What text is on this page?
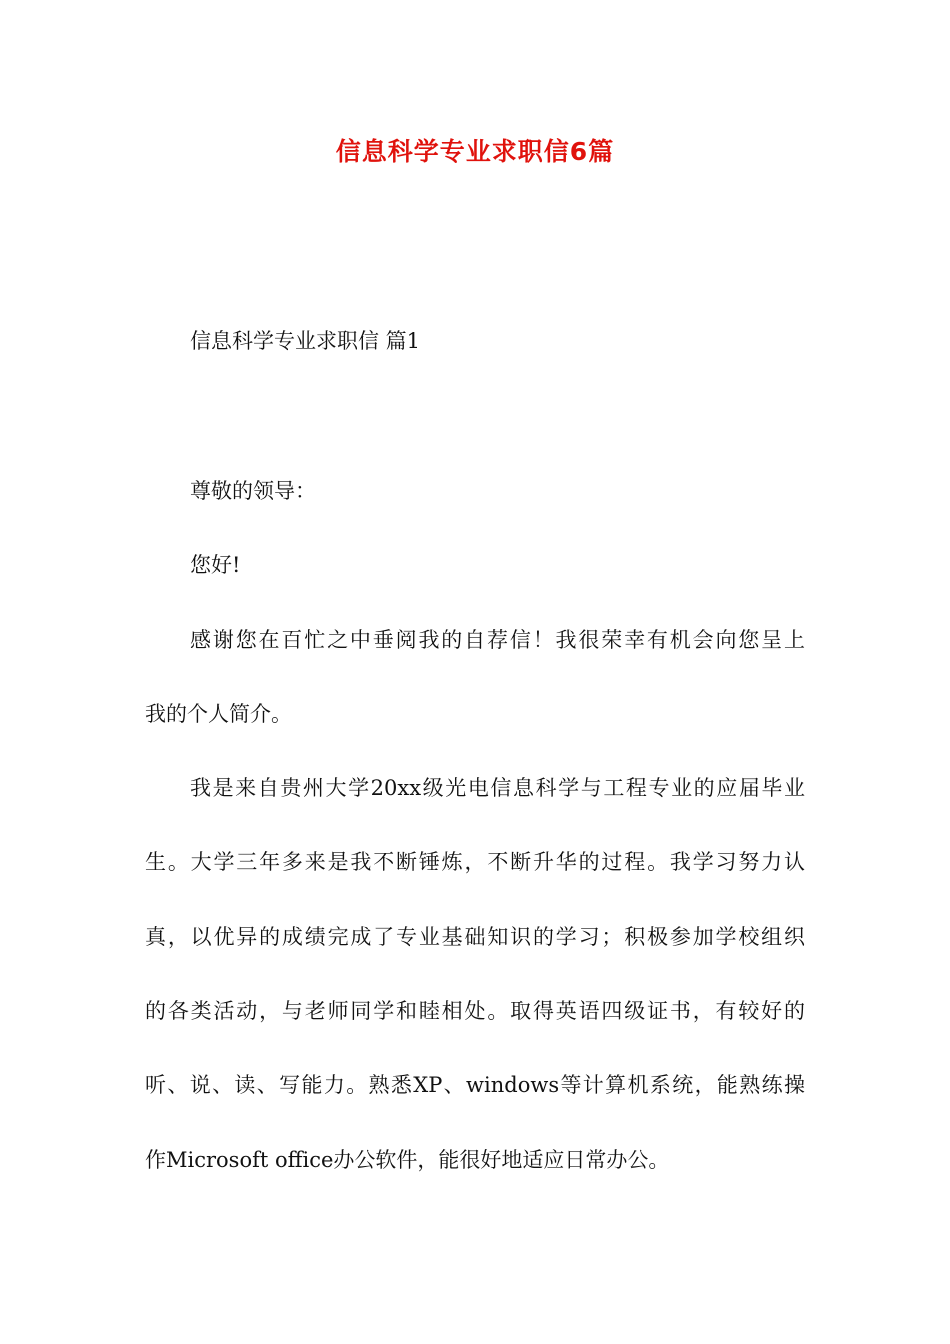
信息科学专业求职信6篇
信息科学专业求职信 篇1
尊敬的领导：
您好!
感谢您在百忙之中垂阅我的自荐信！我很荣幸有机会向您呈上
我的个人简介。
我是来自贵州大学20xx级光电信息科学与工程专业的应届毕业
生。大学三年多来是我不断锤炼，不断升华的过程。我学习努力认
真，以优异的成绩完成了专业基础知识的学习；积极参加学校组织
的各类活动，与老师同学和睦相处。取得英语四级证书，有较好的
听、说、读、写能力。熟悉XP、windows等计算机系统，能熟练操
作Microsoft office办公软件，能很好地适应日常办公。
